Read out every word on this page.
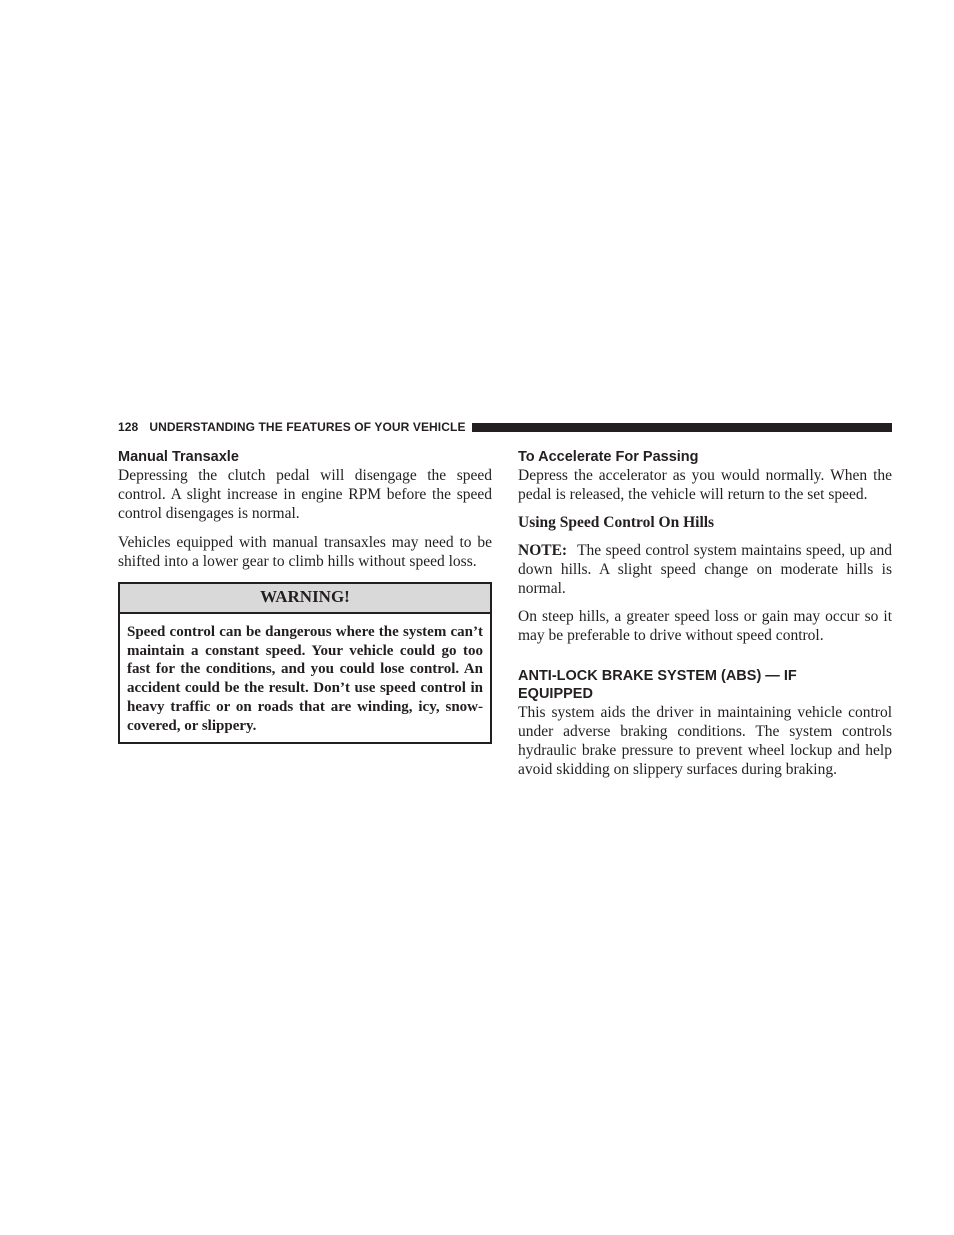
128 UNDERSTANDING THE FEATURES OF YOUR VEHICLE
Manual Transaxle

Depressing the clutch pedal will disengage the speed control. A slight increase in engine RPM before the speed control disengages is normal.

Vehicles equipped with manual transaxles may need to be shifted into a lower gear to climb hills without speed loss.

WARNING!
Speed control can be dangerous where the system can’t maintain a constant speed. Your vehicle could go too fast for the conditions, and you could lose control. An accident could be the result. Don’t use speed control in heavy traffic or on roads that are winding, icy, snow-covered, or slippery.
To Accelerate For Passing

Depress the accelerator as you would normally. When the pedal is released, the vehicle will return to the set speed.

Using Speed Control On Hills

NOTE: The speed control system maintains speed, up and down hills. A slight speed change on moderate hills is normal.

On steep hills, a greater speed loss or gain may occur so it may be preferable to drive without speed control.

ANTI-LOCK BRAKE SYSTEM (ABS) — IF
EQUIPPED

This system aids the driver in maintaining vehicle control under adverse braking conditions. The system controls hydraulic brake pressure to prevent wheel lockup and help avoid skidding on slippery surfaces during braking.
